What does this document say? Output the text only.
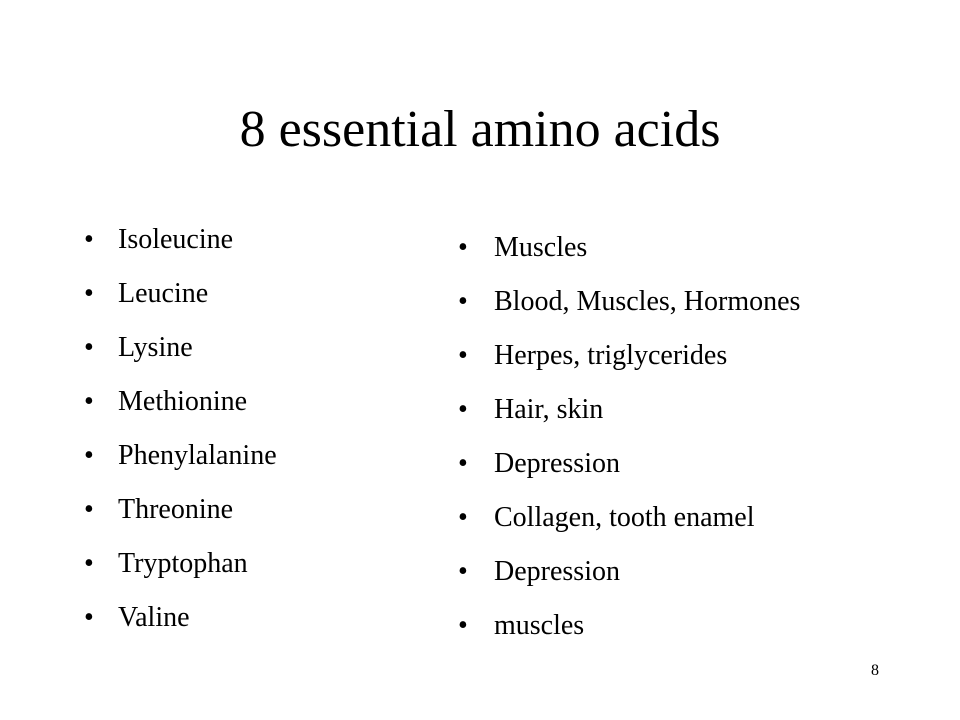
8 essential amino acids
• Isoleucine
• Leucine
• Lysine
• Methionine
• Phenylalanine
• Threonine
• Tryptophan
• Valine
• Muscles
• Blood, Muscles, Hormones
• Herpes, triglycerides
• Hair, skin
• Depression
• Collagen, tooth enamel
• Depression
• muscles
8
